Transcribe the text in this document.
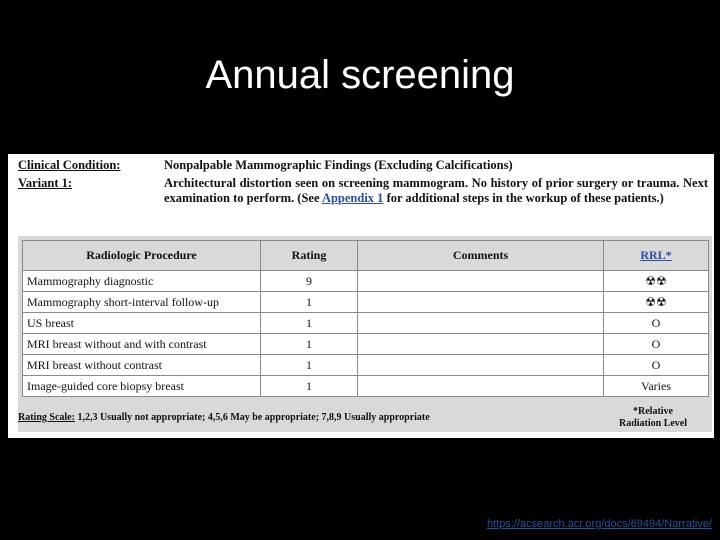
Annual screening
Clinical Condition:	Nonpalpable Mammographic Findings (Excluding Calcifications)
Variant 1:	Architectural distortion seen on screening mammogram. No history of prior surgery or trauma. Next examination to perform. (See Appendix 1 for additional steps in the workup of these patients.)
Radiologic Procedure	Rating	Comments	RRL*
Mammography diagnostic	9		☢☢
Mammography short-interval follow-up	1		☢☢
US breast	1		O
MRI breast without and with contrast	1		O
MRI breast without contrast	1		O
Image-guided core biopsy breast	1		Varies
Rating Scale: 1,2,3 Usually not appropriate; 4,5,6 May be appropriate; 7,8,9 Usually appropriate
*Relative
Radiation Level
https://acsearch.acr.org/docs/69494/Narrative/
